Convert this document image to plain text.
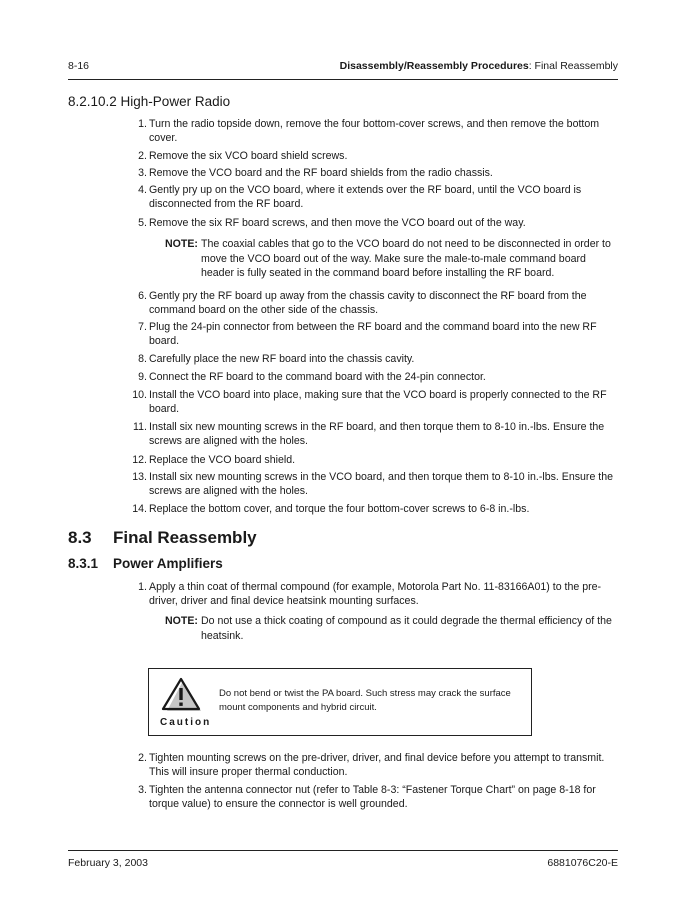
8-16	Disassembly/Reassembly Procedures: Final Reassembly
8.2.10.2 High-Power Radio
1. Turn the radio topside down, remove the four bottom-cover screws, and then remove the bottom cover.
2. Remove the six VCO board shield screws.
3. Remove the VCO board and the RF board shields from the radio chassis.
4. Gently pry up on the VCO board, where it extends over the RF board, until the VCO board is disconnected from the RF board.
5. Remove the six RF board screws, and then move the VCO board out of the way.
NOTE: The coaxial cables that go to the VCO board do not need to be disconnected in order to move the VCO board out of the way. Make sure the male-to-male command board header is fully seated in the command board before installing the RF board.
6. Gently pry the RF board up away from the chassis cavity to disconnect the RF board from the command board on the other side of the chassis.
7. Plug the 24-pin connector from between the RF board and the command board into the new RF board.
8. Carefully place the new RF board into the chassis cavity.
9. Connect the RF board to the command board with the 24-pin connector.
10. Install the VCO board into place, making sure that the VCO board is properly connected to the RF board.
11. Install six new mounting screws in the RF board, and then torque them to 8-10 in.-lbs. Ensure the screws are aligned with the holes.
12. Replace the VCO board shield.
13. Install six new mounting screws in the VCO board, and then torque them to 8-10 in.-lbs. Ensure the screws are aligned with the holes.
14. Replace the bottom cover, and torque the four bottom-cover screws to 6-8 in.-lbs.
8.3 Final Reassembly
8.3.1 Power Amplifiers
1. Apply a thin coat of thermal compound (for example, Motorola Part No. 11-83166A01) to the pre-driver, driver and final device heatsink mounting surfaces.
NOTE: Do not use a thick coating of compound as it could degrade the thermal efficiency of the heatsink.
Caution
Do not bend or twist the PA board. Such stress may crack the surface mount components and hybrid circuit.
2. Tighten mounting screws on the pre-driver, driver, and final device before you attempt to transmit. This will insure proper thermal conduction.
3. Tighten the antenna connector nut (refer to Table 8-3: “Fastener Torque Chart” on page 8-18 for torque value) to ensure the connector is well grounded.
February 3, 2003	6881076C20-E
